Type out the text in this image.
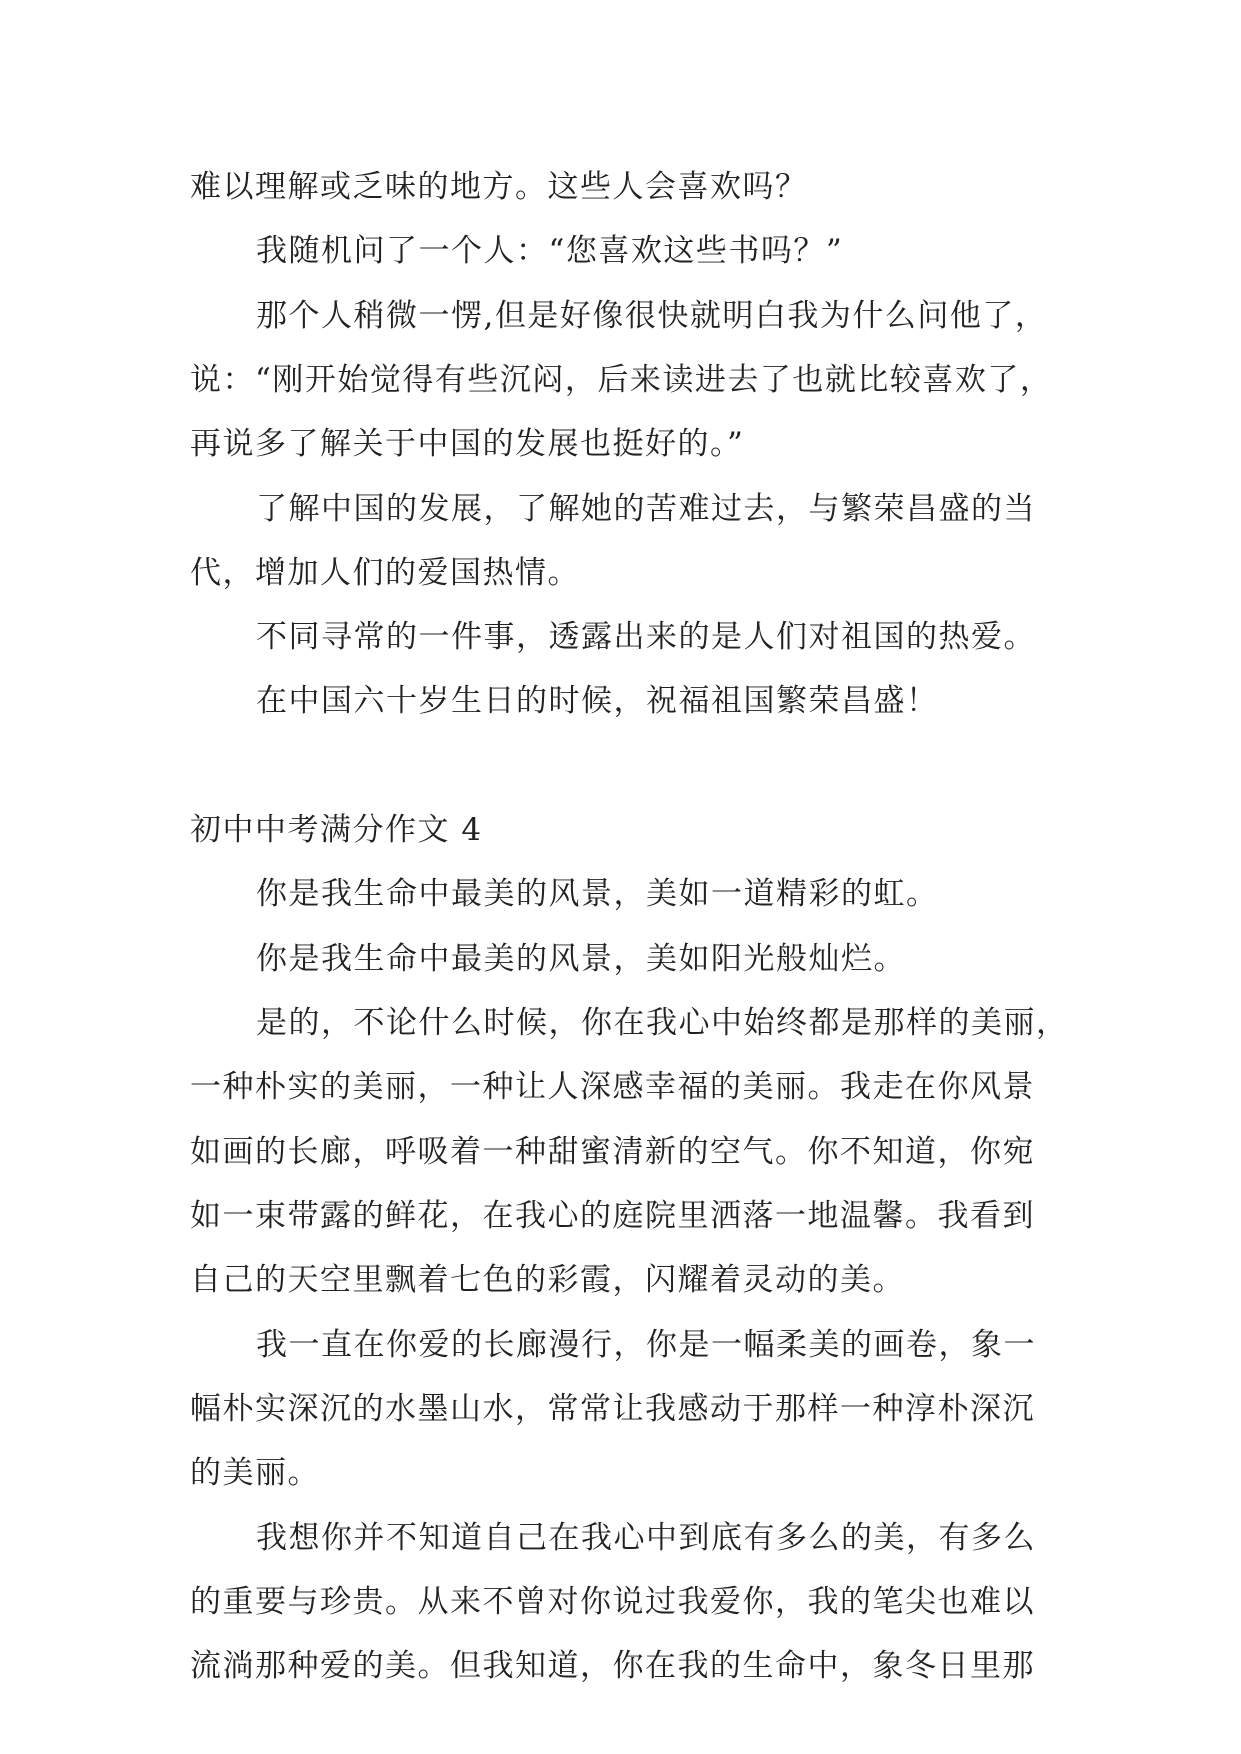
难以理解或乏味的地方。这些人会喜欢吗？
我随机问了一个人：“您喜欢这些书吗？”
那个人稍微一愣,但是好像很快就明白我为什么问他了，
说：“刚开始觉得有些沉闷，后来读进去了也就比较喜欢了，
再说多了解关于中国的发展也挺好的。”
了解中国的发展，了解她的苦难过去，与繁荣昌盛的当
代，增加人们的爱国热情。
不同寻常的一件事，透露出来的是人们对祖国的热爱。
在中国六十岁生日的时候，祝福祖国繁荣昌盛！
初中中考满分作文 4
你是我生命中最美的风景，美如一道精彩的虹。
你是我生命中最美的风景，美如阳光般灿烂。
是的，不论什么时候，你在我心中始终都是那样的美丽，
一种朴实的美丽，一种让人深感幸福的美丽。我走在你风景
如画的长廊，呼吸着一种甜蜜清新的空气。你不知道，你宛
如一束带露的鲜花，在我心的庭院里洒落一地温馨。我看到
自己的天空里飘着七色的彩霞，闪耀着灵动的美。
我一直在你爱的长廊漫行，你是一幅柔美的画卷，象一
幅朴实深沉的水墨山水，常常让我感动于那样一种淳朴深沉
的美丽。
我想你并不知道自己在我心中到底有多么的美，有多么
的重要与珍贵。从来不曾对你说过我爱你，我的笔尖也难以
流淌那种爱的美。但我知道，你在我的生命中，象冬日里那
